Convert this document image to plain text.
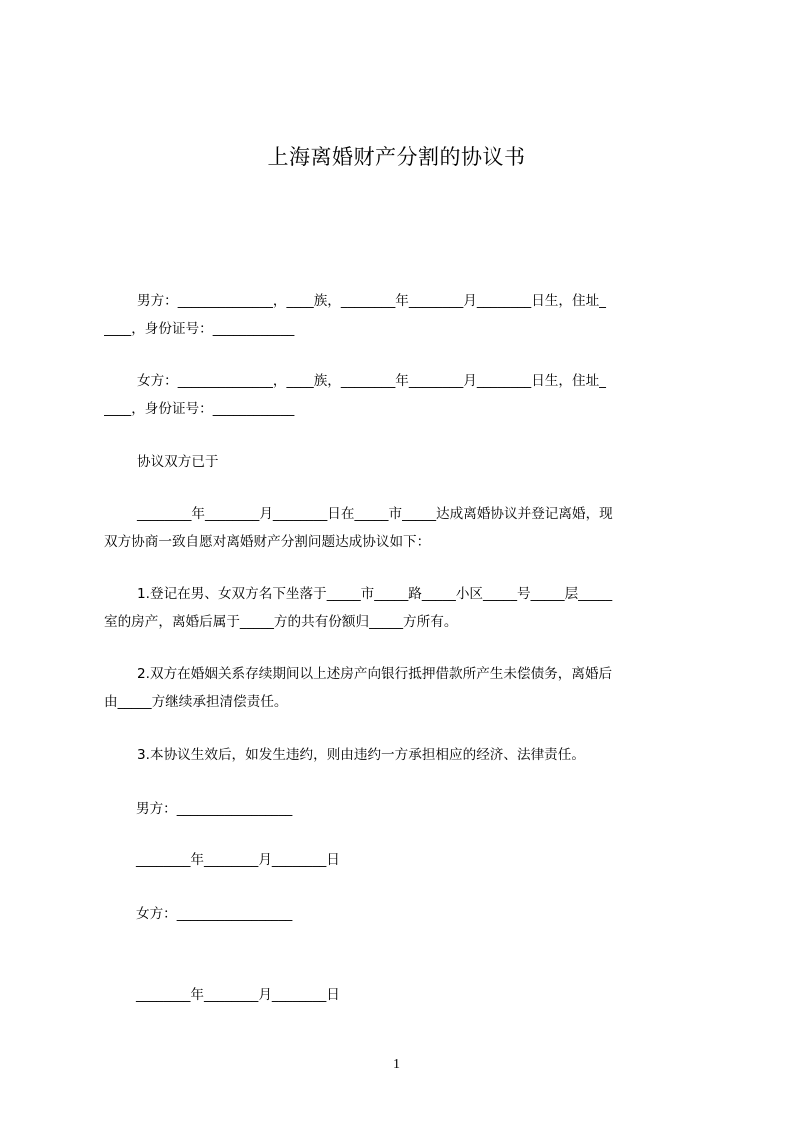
上海离婚财产分割的协议书
男方：______________，____族，________年________月________日生，住址_
____，身份证号：____________
女方：______________，____族，________年________月________日生，住址_
____，身份证号：____________
协议双方已于
________年________月________日在_____市_____达成离婚协议并登记离婚，现
双方协商一致自愿对离婚财产分割问题达成协议如下：
1.登记在男、女双方名下坐落于_____市_____路_____小区_____号_____层_____
室的房产，离婚后属于_____方的共有份额归_____方所有。
2.双方在婚姻关系存续期间以上述房产向银行抵押借款所产生未偿债务，离婚后
由_____方继续承担清偿责任。
3.本协议生效后，如发生违约，则由违约一方承担相应的经济、法律责任。
男方：_________________
________年________月________日
女方：_________________
________年________月________日
1
